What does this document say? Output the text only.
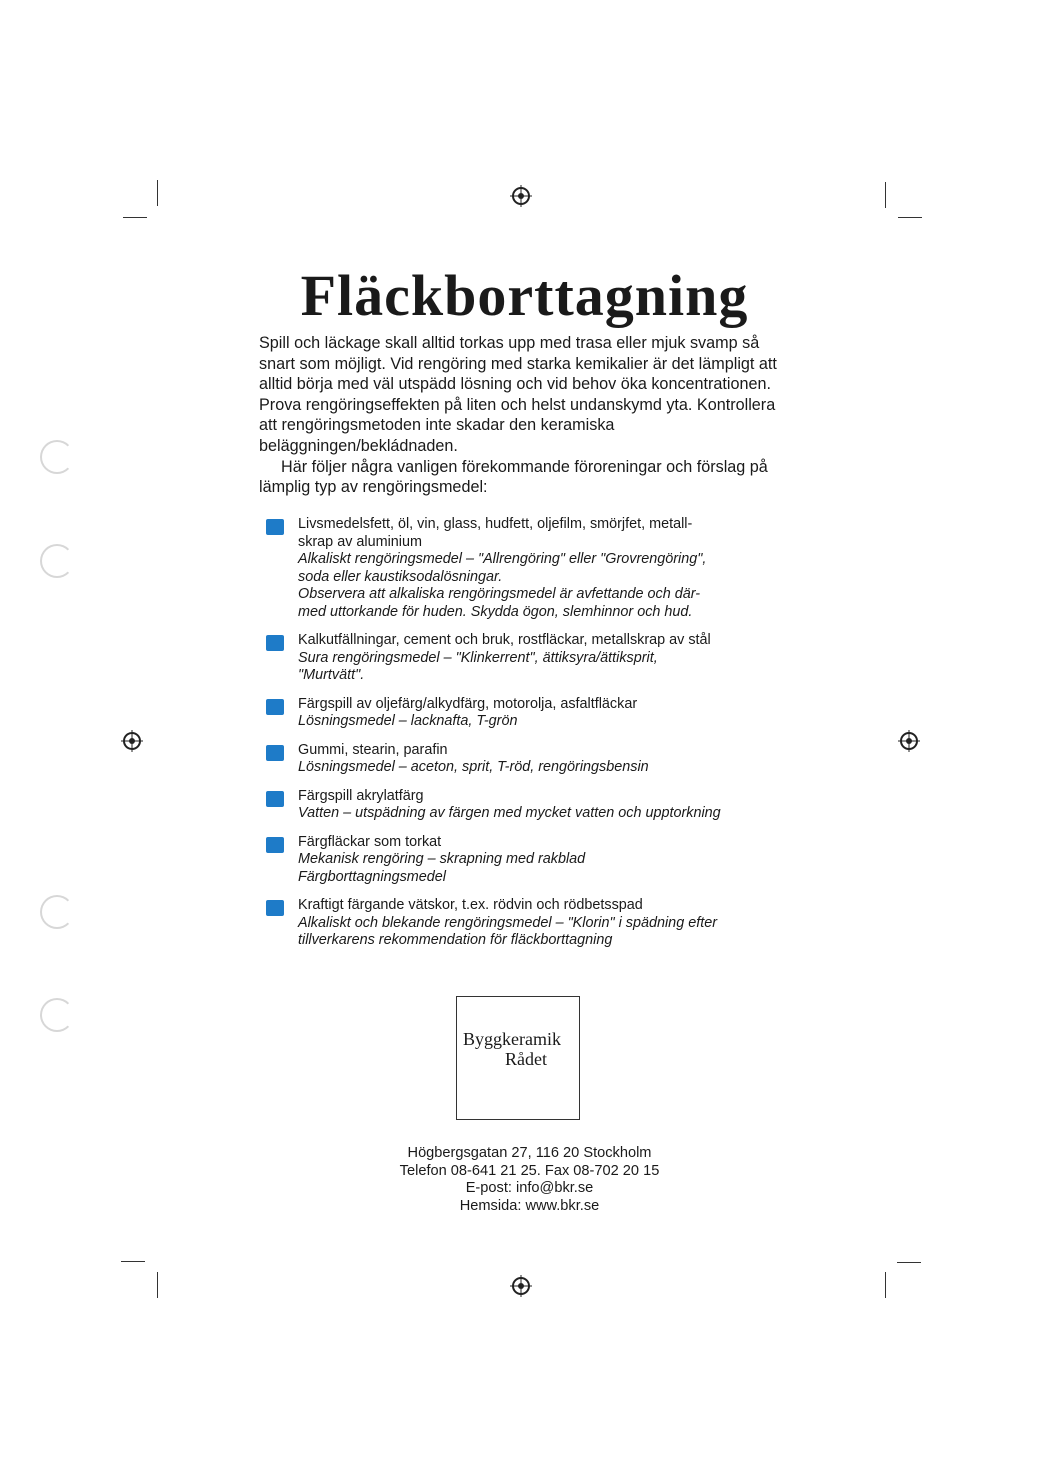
Fläckborttagning

Spill och läckage skall alltid torkas upp med trasa eller mjuk svamp så snart som möjligt. Vid rengöring med starka kemikalier är det lämpligt att alltid börja med väl utspädd lösning och vid behov öka koncentrationen. Prova rengöringseffekten på liten och helst undanskymd yta. Kontrollera att rengöringsmetoden inte skadar den keramiska beläggningen/bekládnaden.

Här följer några vanligen förekommande föroreningar och förslag på lämplig typ av rengöringsmedel:

Livsmedelsfett, öl, vin, glass, hudfett, oljefilm, smörjfet, metall-
skrap av aluminium
Alkaliskt rengöringsmedel – "Allrengöring" eller "Grovrengöring",
soda eller kaustiksodalösningar.
Observera att alkaliska rengöringsmedel är avfettande och där-
med uttorkande för huden. Skydda ögon, slemhinnor och hud.
Kalkutfällningar, cement och bruk, rostfläckar, metallskrap av stål
Sura rengöringsmedel – "Klinkerrent", ättiksyra/ättiksprit,
"Murtvätt".
Färgspill av oljefärg/alkydfärg, motorolja, asfaltfläckar
Lösningsmedel – lacknafta, T-grön
Gummi, stearin, parafin
Lösningsmedel – aceton, sprit, T-röd, rengöringsbensin
Färgspill akrylatfärg
Vatten – utspädning av färgen med mycket vatten och upptorkning
Färgfläckar som torkat
Mekanisk rengöring – skrapning med rakblad
Färgborttagningsmedel
Kraftigt färgande vätskor, t.ex. rödvin och rödbetsspad
Alkaliskt och blekande rengöringsmedel – "Klorin" i spädning efter
tillverkarens rekommendation för fläckborttagning
Byggkeramik
Rådet
Högbergsgatan 27, 116 20 Stockholm
Telefon 08-641 21 25. Fax 08-702 20 15
E-post: info@bkr.se
Hemsida: www.bkr.se
